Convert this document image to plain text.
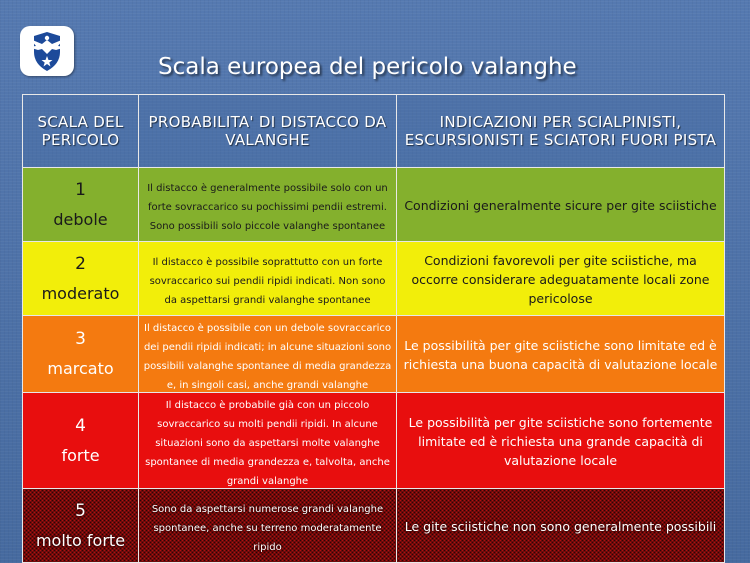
Scala europea del pericolo valanghe
SCALA DEL PERICOLO	PROBABILITA' DI DISTACCO DA VALANGHE	INDICAZIONI PER SCIALPINISTI, ESCURSIONISTI E SCIATORI FUORI PISTA

1
debole	Il distacco è generalmente possibile solo con un forte sovraccarico su pochissimi pendii estremi. Sono possibili solo piccole valanghe spontanee	Condizioni generalmente sicure per gite sciistiche

2
moderato	Il distacco è possibile soprattutto con un forte sovraccarico sui pendii ripidi indicati. Non sono da aspettarsi grandi valanghe spontanee	Condizioni favorevoli per gite sciistiche, ma occorre considerare adeguatamente locali zone pericolose

3
marcato	Il distacco è possibile con un debole sovraccarico dei pendii ripidi indicati; in alcune situazioni sono possibili valanghe spontanee di media grandezza e, in singoli casi, anche grandi valanghe	Le possibilità per gite sciistiche sono limitate ed è richiesta una buona capacità di valutazione locale

4
forte	Il distacco è probabile già con un piccolo sovraccarico su molti pendii ripidi. In alcune situazioni sono da aspettarsi molte valanghe spontanee di media grandezza e, talvolta, anche grandi valanghe	Le possibilità per gite sciistiche sono fortemente limitate ed è richiesta una grande capacità di valutazione locale

5
molto forte	Sono da aspettarsi numerose grandi valanghe spontanee, anche su terreno moderatamente ripido	Le gite sciistiche non sono generalmente possibili
